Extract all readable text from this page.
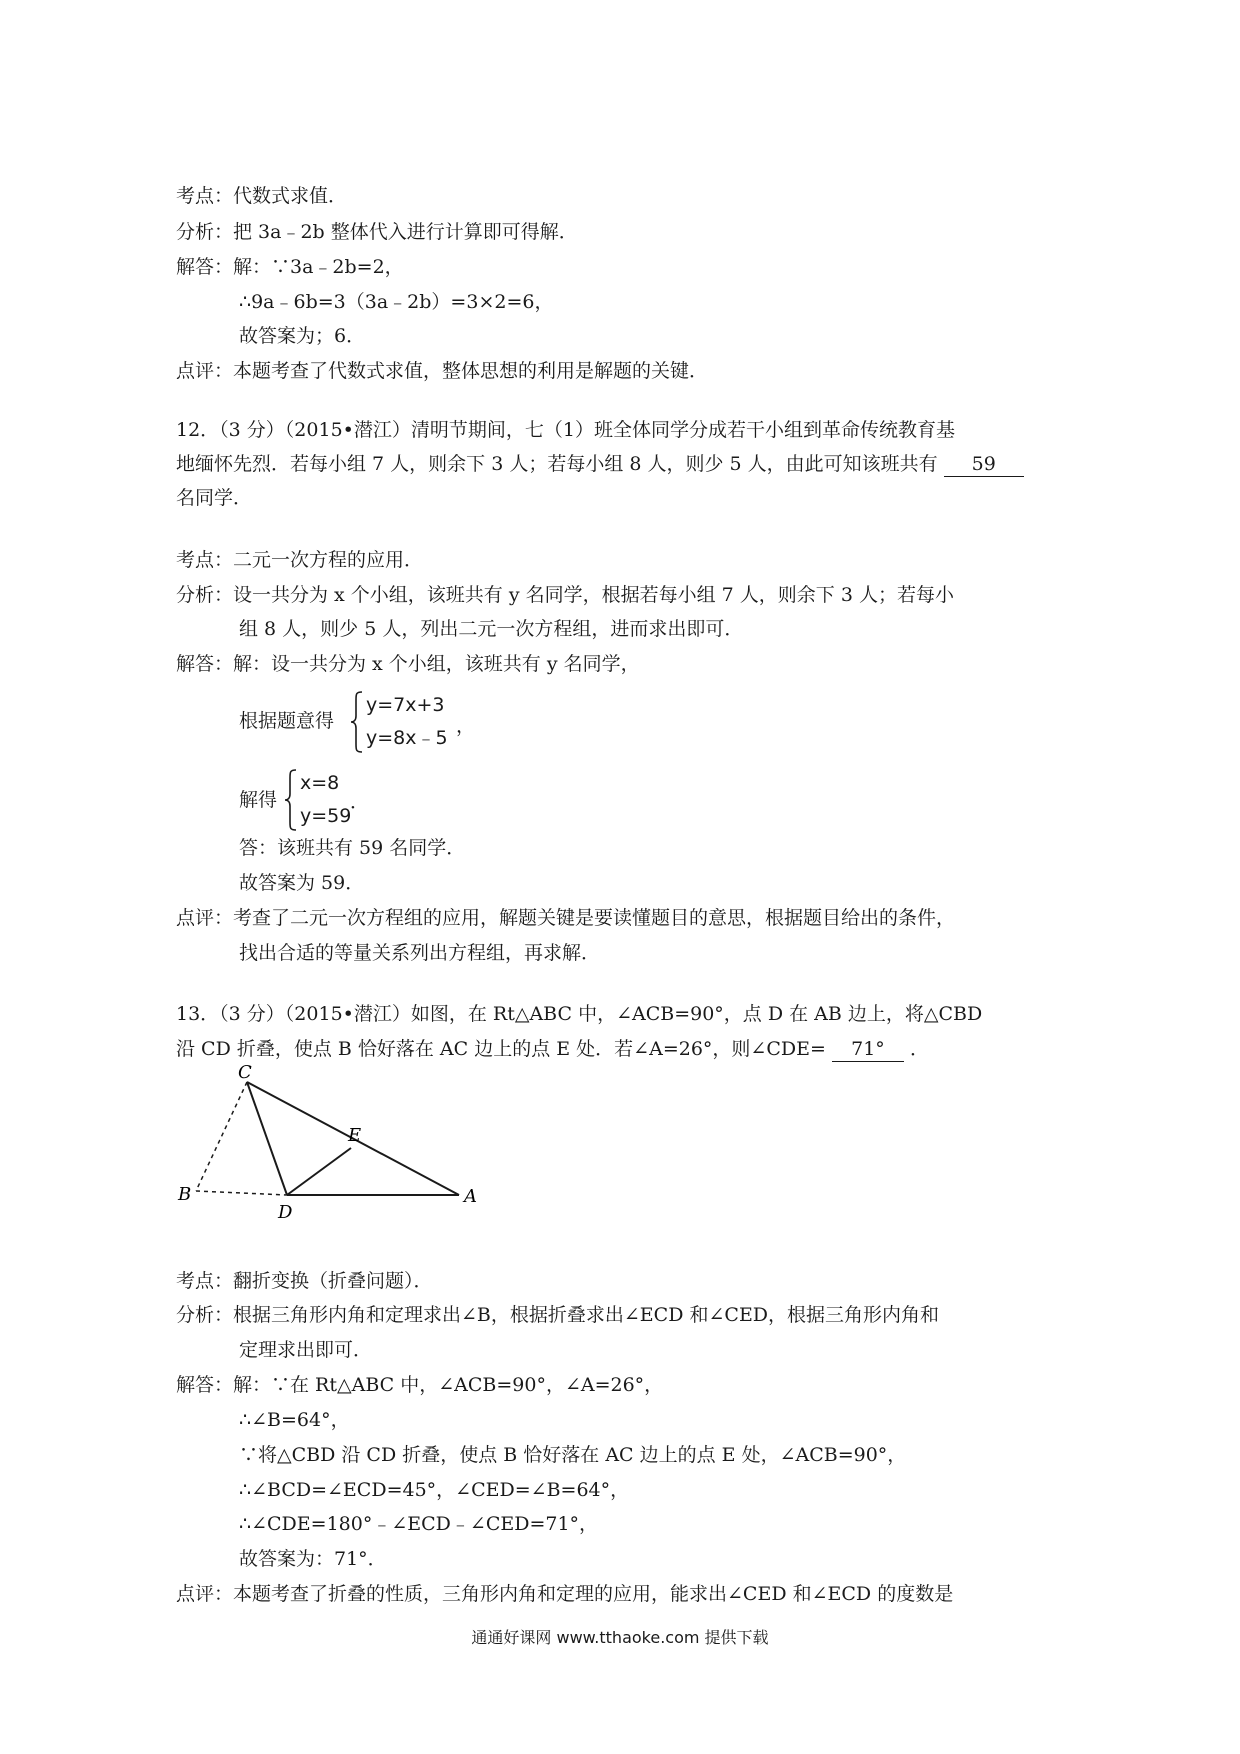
考点：代数式求值．
分析：把 3a﹣2b 整体代入进行计算即可得解．
解答：解：∵3a﹣2b=2，
∴9a﹣6b=3（3a﹣2b）=3×2=6，
故答案为；6．
点评：本题考查了代数式求值，整体思想的利用是解题的关键．
12．（3 分）（2015•潜江）清明节期间，七（1）班全体同学分成若干小组到革命传统教育基
地缅怀先烈．若每小组 7 人，则余下 3 人；若每小组 8 人，则少 5 人，由此可知该班共有 59
名同学．
考点：二元一次方程的应用．
分析：设一共分为 x 个小组，该班共有 y 名同学，根据若每小组 7 人，则余下 3 人；若每小
组 8 人，则少 5 人，列出二元一次方程组，进而求出即可．
解答：解：设一共分为 x 个小组，该班共有 y 名同学，
根据题意得
y=7x+3
y=8x﹣5
，
解得
x=8
y=59
．
答：该班共有 59 名同学．
故答案为 59．
点评：考查了二元一次方程组的应用，解题关键是要读懂题目的意思，根据题目给出的条件，
找出合适的等量关系列出方程组，再求解．
13．（3 分）（2015•潜江）如图，在 Rt△ABC 中，∠ACB=90°，点 D 在 AB 边上，将△CBD
沿 CD 折叠，使点 B 恰好落在 AC 边上的点 E 处．若∠A=26°，则∠CDE= 71° ．
C
E
B
D
A
考点：翻折变换（折叠问题）．
分析：根据三角形内角和定理求出∠B，根据折叠求出∠ECD 和∠CED，根据三角形内角和
定理求出即可．
解答：解：∵在 Rt△ABC 中，∠ACB=90°，∠A=26°，
∴∠B=64°，
∵将△CBD 沿 CD 折叠，使点 B 恰好落在 AC 边上的点 E 处，∠ACB=90°，
∴∠BCD=∠ECD=45°，∠CED=∠B=64°，
∴∠CDE=180°﹣∠ECD﹣∠CED=71°，
故答案为：71°．
点评：本题考查了折叠的性质，三角形内角和定理的应用，能求出∠CED 和∠ECD 的度数是
通通好课网 www.tthaoke.com 提供下载
